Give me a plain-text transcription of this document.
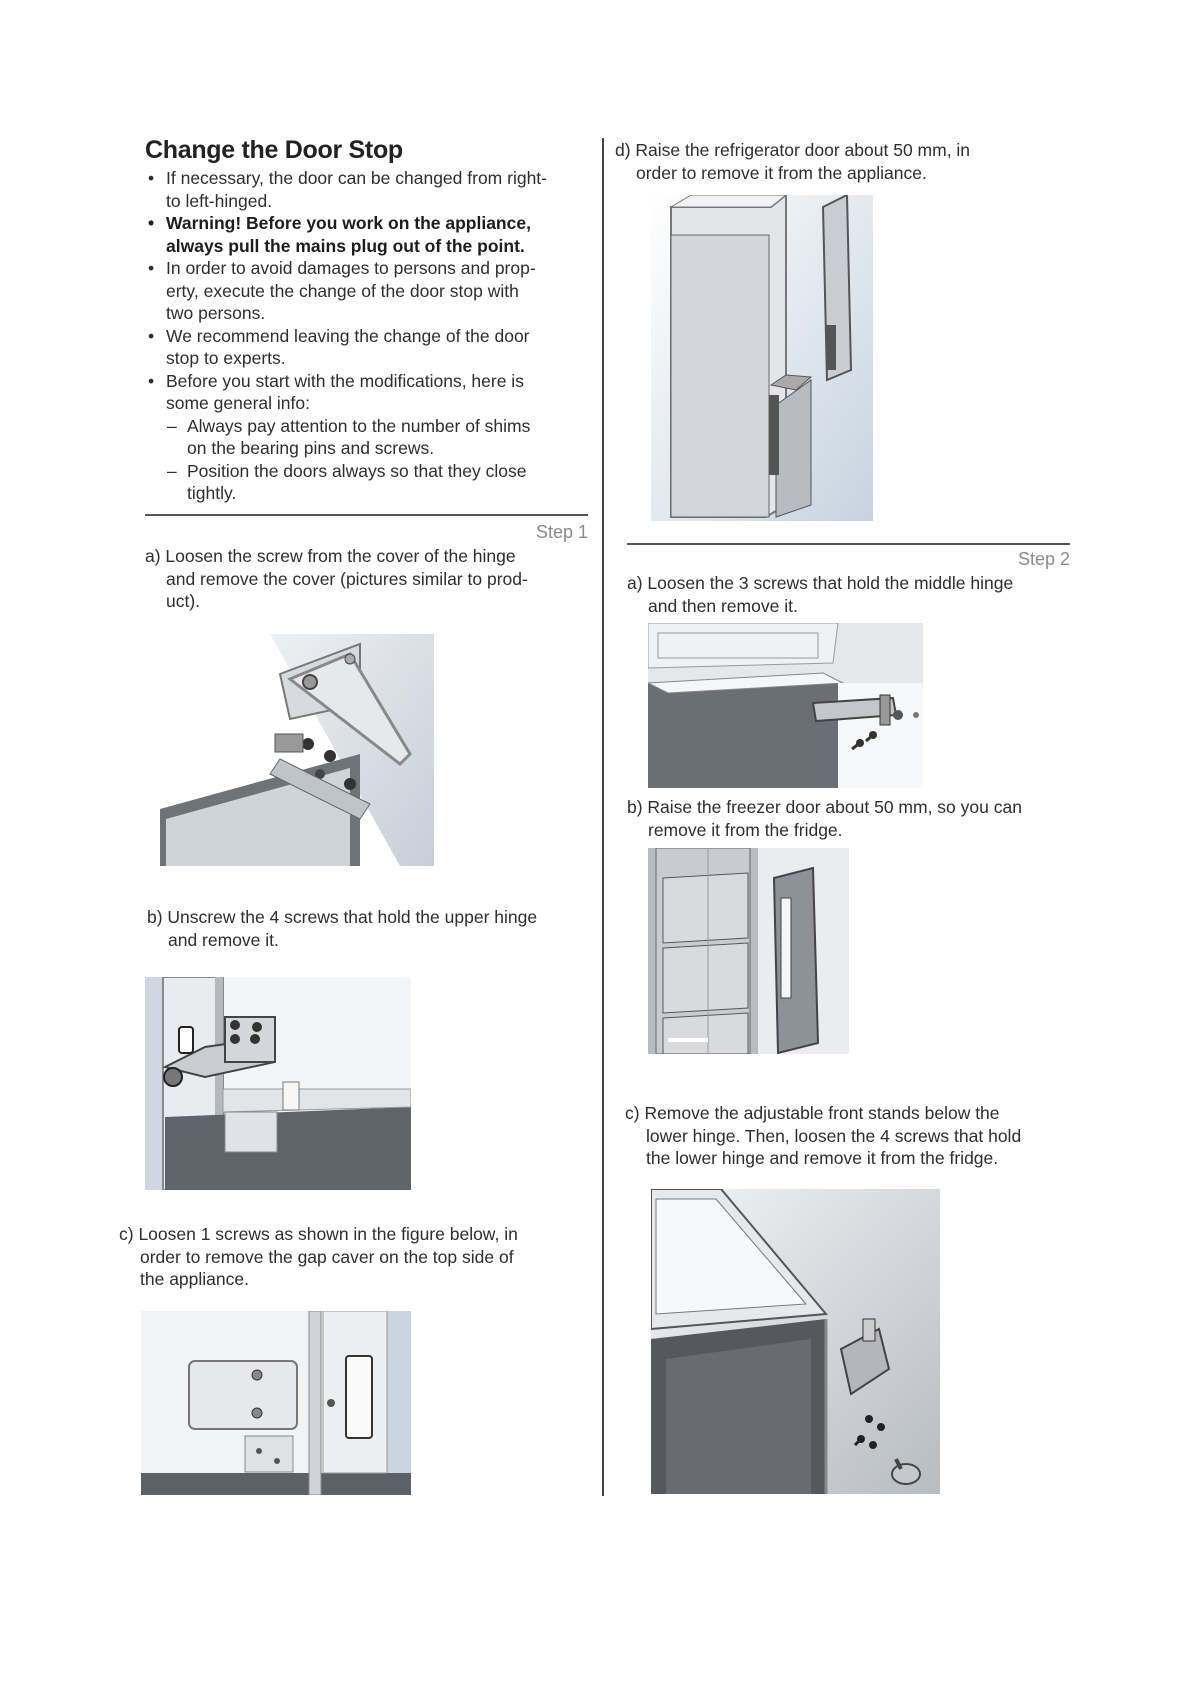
Change the Door Stop
• If necessary, the door can be changed from right-
to left-hinged.
• Warning! Before you work on the appliance,
always pull the mains plug out of the point.
• In order to avoid damages to persons and prop-
erty, execute the change of the door stop with
two persons.
• We recommend leaving the change of the door
stop to experts.
• Before you start with the modifications, here is
some general info:
– Always pay attention to the number of shims
on the bearing pins and screws.
– Position the doors always so that they close
tightly.
Step 1
a) Loosen the screw from the cover of the hinge
and remove the cover (pictures similar to prod-
uct).
b) Unscrew the 4 screws that hold the upper hinge
and remove it.
c) Loosen 1 screws as shown in the figure below, in
order to remove the gap caver on the top side of
the appliance.
d) Raise the refrigerator door about 50 mm, in
order to remove it from the appliance.
Step 2
a) Loosen the 3 screws that hold the middle hinge
and then remove it.
b) Raise the freezer door about 50 mm, so you can
remove it from the fridge.
c) Remove the adjustable front stands below the
lower hinge. Then, loosen the 4 screws that hold
the lower hinge and remove it from the fridge.
